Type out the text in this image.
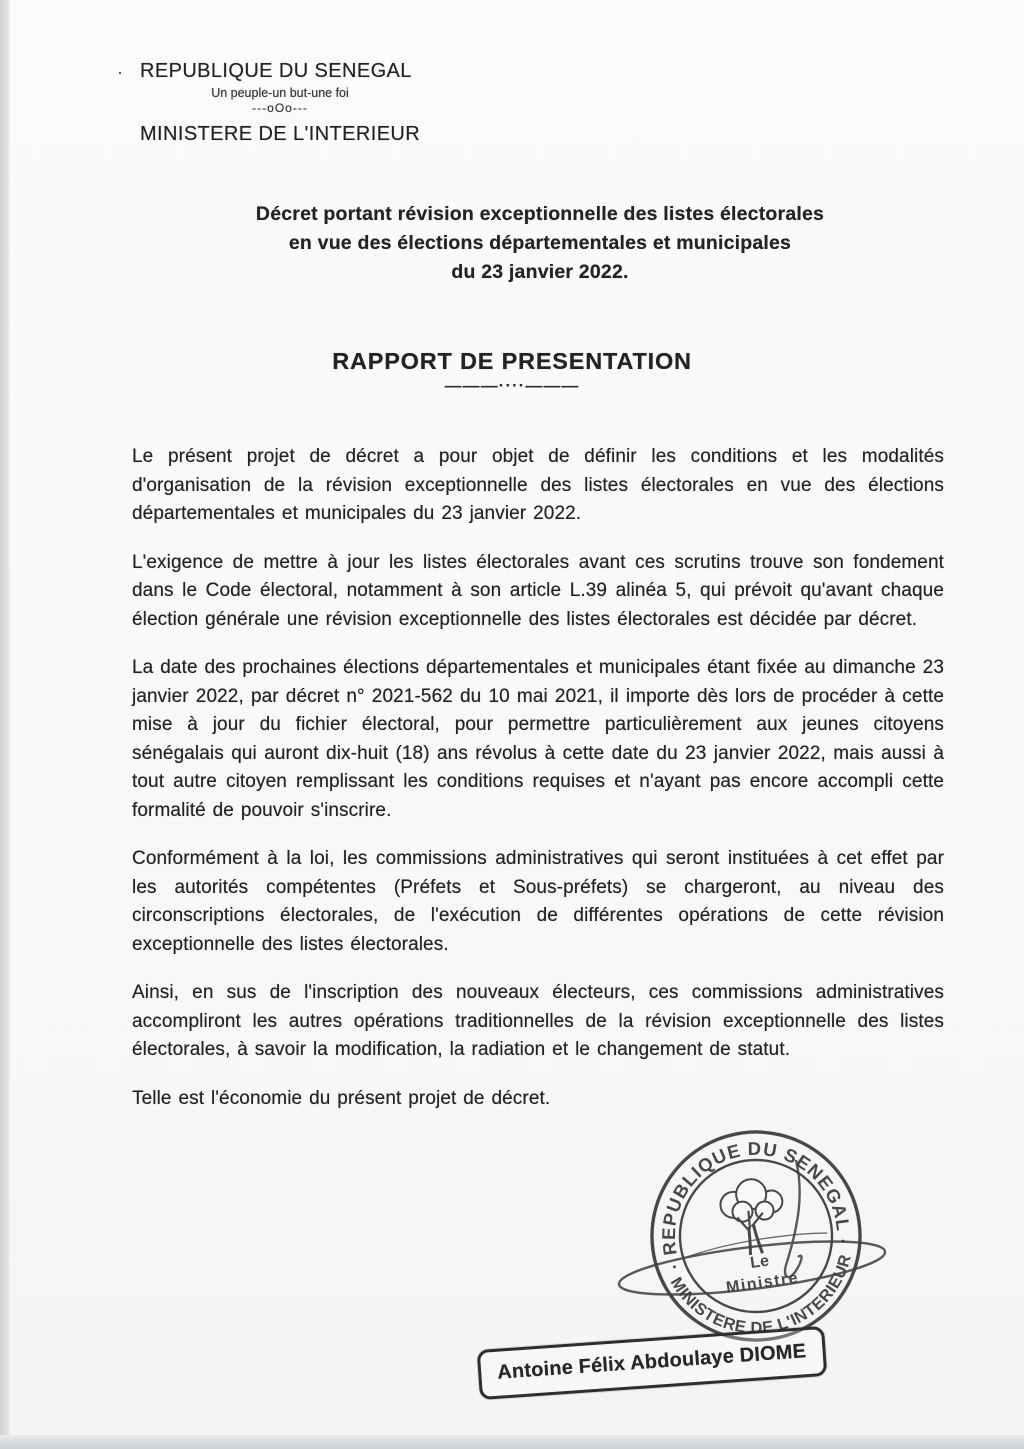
· REPUBLIQUE DU SENEGAL
Un peuple-un but-une foi
---oOo---
MINISTERE DE L'INTERIEUR
Décret portant révision exceptionnelle des listes électorales
en vue des élections départementales et municipales
du 23 janvier 2022.
RAPPORT DE PRESENTATION
———····———

Le présent projet de décret a pour objet de définir les conditions et les modalités d'organisation de la révision exceptionnelle des listes électorales en vue des élections départementales et municipales du 23 janvier 2022.

L'exigence de mettre à jour les listes électorales avant ces scrutins trouve son fondement dans le Code électoral, notamment à son article L.39 alinéa 5, qui prévoit qu'avant chaque élection générale une révision exceptionnelle des listes électorales est décidée par décret.

La date des prochaines élections départementales et municipales étant fixée au dimanche 23 janvier 2022, par décret n° 2021-562 du 10 mai 2021, il importe dès lors de procéder à cette mise à jour du fichier électoral, pour permettre particulièrement aux jeunes citoyens sénégalais qui auront dix-huit (18) ans révolus à cette date du 23 janvier 2022, mais aussi à tout autre citoyen remplissant les conditions requises et n'ayant pas encore accompli cette formalité de pouvoir s'inscrire.

Conformément à la loi, les commissions administratives qui seront instituées à cet effet par les autorités compétentes (Préfets et Sous-préfets) se chargeront, au niveau des circonscriptions électorales, de l'exécution de différentes opérations de cette révision exceptionnelle des listes électorales.

Ainsi, en sus de l'inscription des nouveaux électeurs, ces commissions administratives accompliront les autres opérations traditionnelles de la révision exceptionnelle des listes électorales, à savoir la modification, la radiation et le changement de statut.

Telle est l'économie du présent projet de décret.

· REPUBLIQUE DU SENEGAL ·
MINISTERE DE L'INTERIEUR
Le
Ministre
Antoine Félix Abdoulaye DIOME
